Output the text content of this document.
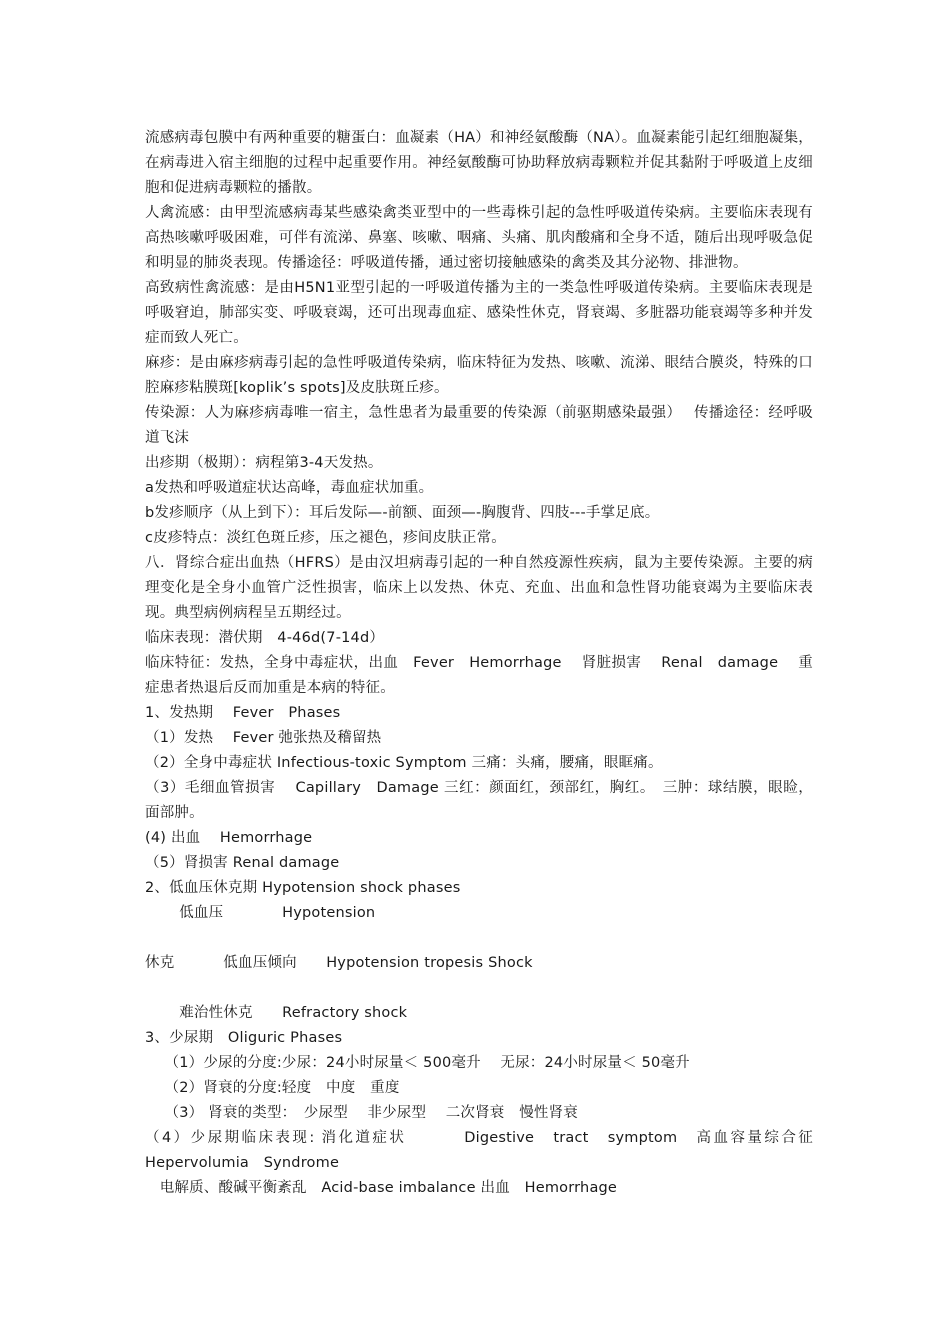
流感病毒包膜中有两种重要的糖蛋白：血凝素（HA）和神经氨酸酶（NA）。血凝素能引起红细胞凝集，在病毒进入宿主细胞的过程中起重要作用。神经氨酸酶可协助释放病毒颗粒并促其黏附于呼吸道上皮细胞和促进病毒颗粒的播散。

人禽流感：由甲型流感病毒某些感染禽类亚型中的一些毒株引起的急性呼吸道传染病。主要临床表现有高热咳嗽呼吸困难，可伴有流涕、鼻塞、咳嗽、咽痛、头痛、肌肉酸痛和全身不适，随后出现呼吸急促和明显的肺炎表现。传播途径：呼吸道传播，通过密切接触感染的禽类及其分泌物、排泄物。

高致病性禽流感：是由H5N1亚型引起的一呼吸道传播为主的一类急性呼吸道传染病。主要临床表现是呼吸窘迫，肺部实变、呼吸衰竭，还可出现毒血症、感染性休克，肾衰竭、多脏器功能衰竭等多种并发症而致人死亡。

麻疹：是由麻疹病毒引起的急性呼吸道传染病，临床特征为发热、咳嗽、流涕、眼结合膜炎，特殊的口腔麻疹粘膜斑[koplik’s spots]及皮肤斑丘疹。

传染源：人为麻疹病毒唯一宿主，急性患者为最重要的传染源（前驱期感染最强）　 传播途径：经呼吸道飞沫

出疹期（极期）：病程第3-4天发热。

a发热和呼吸道症状达高峰，毒血症状加重。

b发疹顺序（从上到下）：耳后发际—-前额、面颈—-胸腹背、四肢---手掌足底。

c皮疹特点：淡红色斑丘疹，压之褪色，疹间皮肤正常。

八．肾综合症出血热（HFRS）是由汉坦病毒引起的一种自然疫源性疾病，鼠为主要传染源。主要的病理变化是全身小血管广泛性损害，临床上以发热、休克、充血、出血和急性肾功能衰竭为主要临床表现。典型病例病程呈五期经过。

临床表现：潜伏期　4-46d(7-14d）

临床特征：发热，全身中毒症状，出血　Fever　Hemorrhage　 肾脏损害　 Renal　damage　 重症患者热退后反而加重是本病的特征。

1、发热期　 Fever　Phases

（1）发热　 Fever 弛张热及稽留热

（2）全身中毒症状 Infectious-toxic Symptom 三痛：头痛，腰痛，眼眶痛。

（3）毛细血管损害　 Capillary　Damage 三红：颜面红，颈部红，胸红。　三肿：球结膜，眼睑，面部肿。

(4) 出血　 Hemorrhage

（5）肾损害 Renal damage

2、低血压休克期 Hypotension shock phases

　　 低血压　　　　Hypotension

休克　　　 低血压倾向　　Hypotension tropesis Shock

　　 难治性休克　　Refractory shock

3、少尿期　Oliguric Phases

　 （1）少尿的分度:少尿：24小时尿量＜ 500毫升　 无尿：24小时尿量＜ 50毫升

　 （2）肾衰的分度:轻度　中度　重度

　 （3） 肾衰的类型：　少尿型　 非少尿型　 二次肾衰　慢性肾衰

（4）少尿期临床表现: 消化道症状　　　 Digestive　tract　symptom　高血容量综合征　Hepervolumia　Syndrome

　电解质、酸碱平衡紊乱　Acid-base imbalance 出血　Hemorrhage
